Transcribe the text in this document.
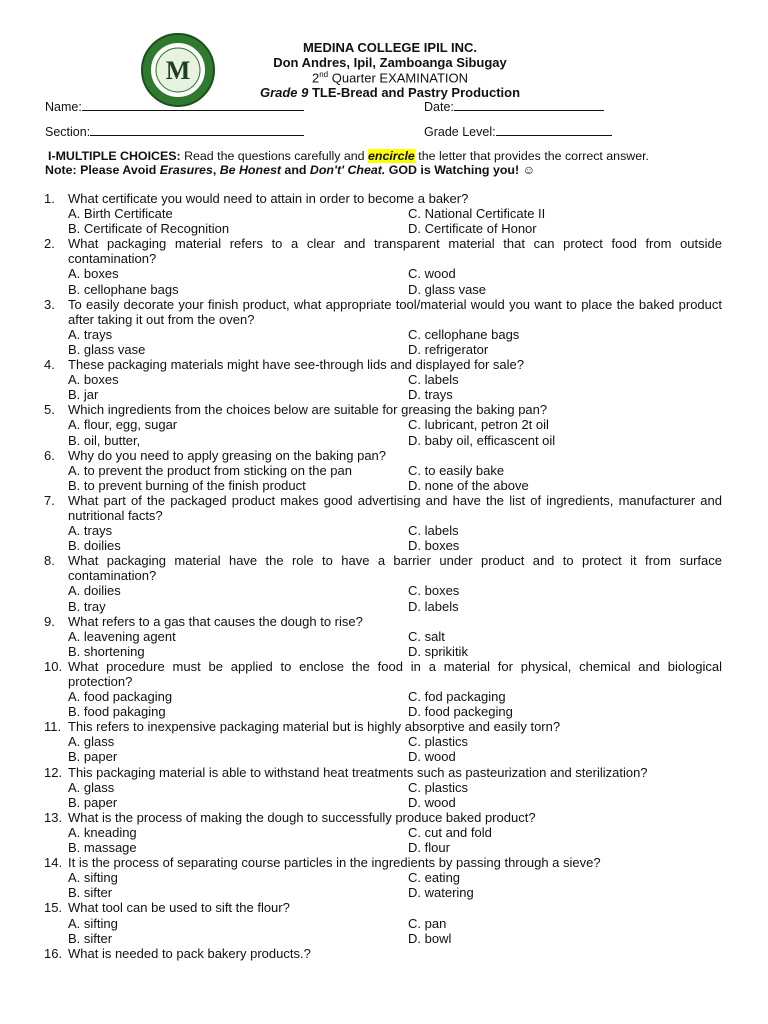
M
MEDINA COLLEGE IPIL INC.
Don Andres, Ipil, Zamboanga Sibugay
2nd Quarter EXAMINATION
Grade 9 TLE-Bread and Pastry Production
Name:	Date:
Section:	Grade Level:
I-MULTIPLE CHOICES: Read the questions carefully and encircle the letter that provides the correct answer.
Note: Please Avoid Erasures, Be Honest and Don't' Cheat. GOD is Watching you! ☺
1.	What certificate you would need to attain in order to become a baker?
A. Birth Certificate	C. National Certificate II
B. Certificate of Recognition	D. Certificate of Honor
2.	What packaging material refers to a clear and transparent material that can protect food from outside contamination?
A. boxes	C. wood
B. cellophane bags	D. glass vase
3.	To easily decorate your finish product, what appropriate tool/material would you want to place the baked product after taking it out from the oven?
A. trays	C. cellophane bags
B. glass vase	D. refrigerator
4.	These packaging materials might have see-through lids and displayed for sale?
A. boxes	C. labels
B. jar	D. trays
5.	Which ingredients from the choices below are suitable for greasing the baking pan?
A. flour, egg, sugar	C. lubricant, petron 2t oil
B. oil, butter,	D. baby oil, efficascent oil
6.	Why do you need to apply greasing on the baking pan?
A. to prevent the product from sticking on the pan	C. to easily bake
B. to prevent burning of the finish product	D. none of the above
7.	What part of the packaged product makes good advertising and have the list of ingredients, manufacturer and nutritional facts?
A. trays	C. labels
B. doilies	D. boxes
8.	What packaging material have the role to have a barrier under product and to protect it from surface contamination?
A. doilies	C. boxes
B. tray	D. labels
9.	What refers to a gas that causes the dough to rise?
A. leavening agent	C. salt
B. shortening	D. sprikitik
10. What procedure must be applied to enclose the food in a material for physical, chemical and biological protection?
A. food packaging	C. fod packaging
B. food pakaging	D. food packeging
11. This refers to inexpensive packaging material but is highly absorptive and easily torn?
A. glass	C. plastics
B. paper	D. wood
12. This packaging material is able to withstand heat treatments such as pasteurization and sterilization?
A. glass	C. plastics
B. paper	D. wood
13. What is the process of making the dough to successfully produce baked product?
A. kneading	C. cut and fold
B. massage	D. flour
14. It is the process of separating course particles in the ingredients by passing through a sieve?
A. sifting	C. eating
B. sifter	D. watering
15. What tool can be used to sift the flour?
A. sifting	C. pan
B. sifter	D. bowl
16. What is needed to pack bakery products.?
